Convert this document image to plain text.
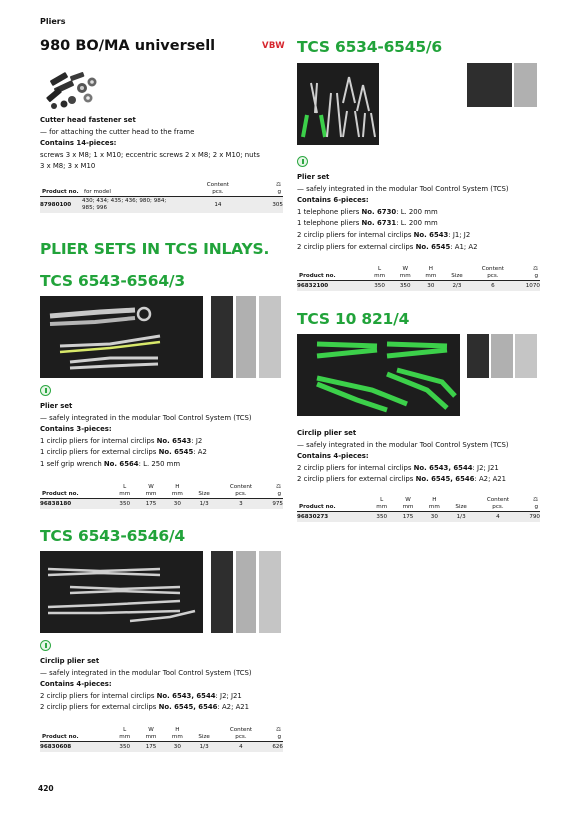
Pliers
980 BO/MA universell	VBW
Cutter head fastener set
— for attaching the cutter head to the frame
Contains 14-pieces:
screws 3 x M8; 1 x M10; eccentric screws 2 x M8; 2 x M10; nuts
3 x M8; 3 x M10
Product no.	for model	Content
pcs.	⚖
g
87980100	430; 434; 435; 436; 980; 984;
985; 996	14	305
PLIER SETS IN TCS INLAYS.
TCS 6543-6564/3
Plier set
— safely integrated in the modular Tool Control System (TCS)
Contains 3-pieces:
1 circlip pliers for internal circlips No. 6543: J2
1 circlip pliers for external circlips No. 6545: A2
1 self grip wrench No. 6564: L. 250 mm
Product no.	L
mm	W
mm	H
mm	Size	Content
pcs.	⚖
g
96838180	350	175	30	1/3	3	975
TCS 6543-6546/4
Circlip plier set
— safely integrated in the modular Tool Control System (TCS)
Contains 4-pieces:
2 circlip pliers for internal circlips No. 6543, 6544: J2; J21
2 circlip pliers for external circlips No. 6545, 6546: A2; A21
Product no.	L
mm	W
mm	H
mm	Size	Content
pcs.	⚖
g
96830608	350	175	30	1/3	4	626
TCS 6534-6545/6
Plier set
— safely integrated in the modular Tool Control System (TCS)
Contains 6-pieces:
1 telephone pliers No. 6730: L. 200 mm
1 telephone pliers No. 6731: L. 200 mm
2 circlip pliers for internal circlips No. 6543: J1; J2
2 circlip pliers for external circlips No. 6545: A1; A2
Product no.	L
mm	W
mm	H
mm	Size	Content
pcs.	⚖
g
96832100	350	350	30	2/3	6	1070
TCS 10 821/4
Circlip plier set
— safely integrated in the modular Tool Control System (TCS)
Contains 4-pieces:
2 circlip pliers for internal circlips No. 6543, 6544: J2; J21
2 circlip pliers for external circlips No. 6545, 6546: A2; A21
Product no.	L
mm	W
mm	H
mm	Size	Content
pcs.	⚖
g
96830273	350	175	30	1/3	4	790
420
